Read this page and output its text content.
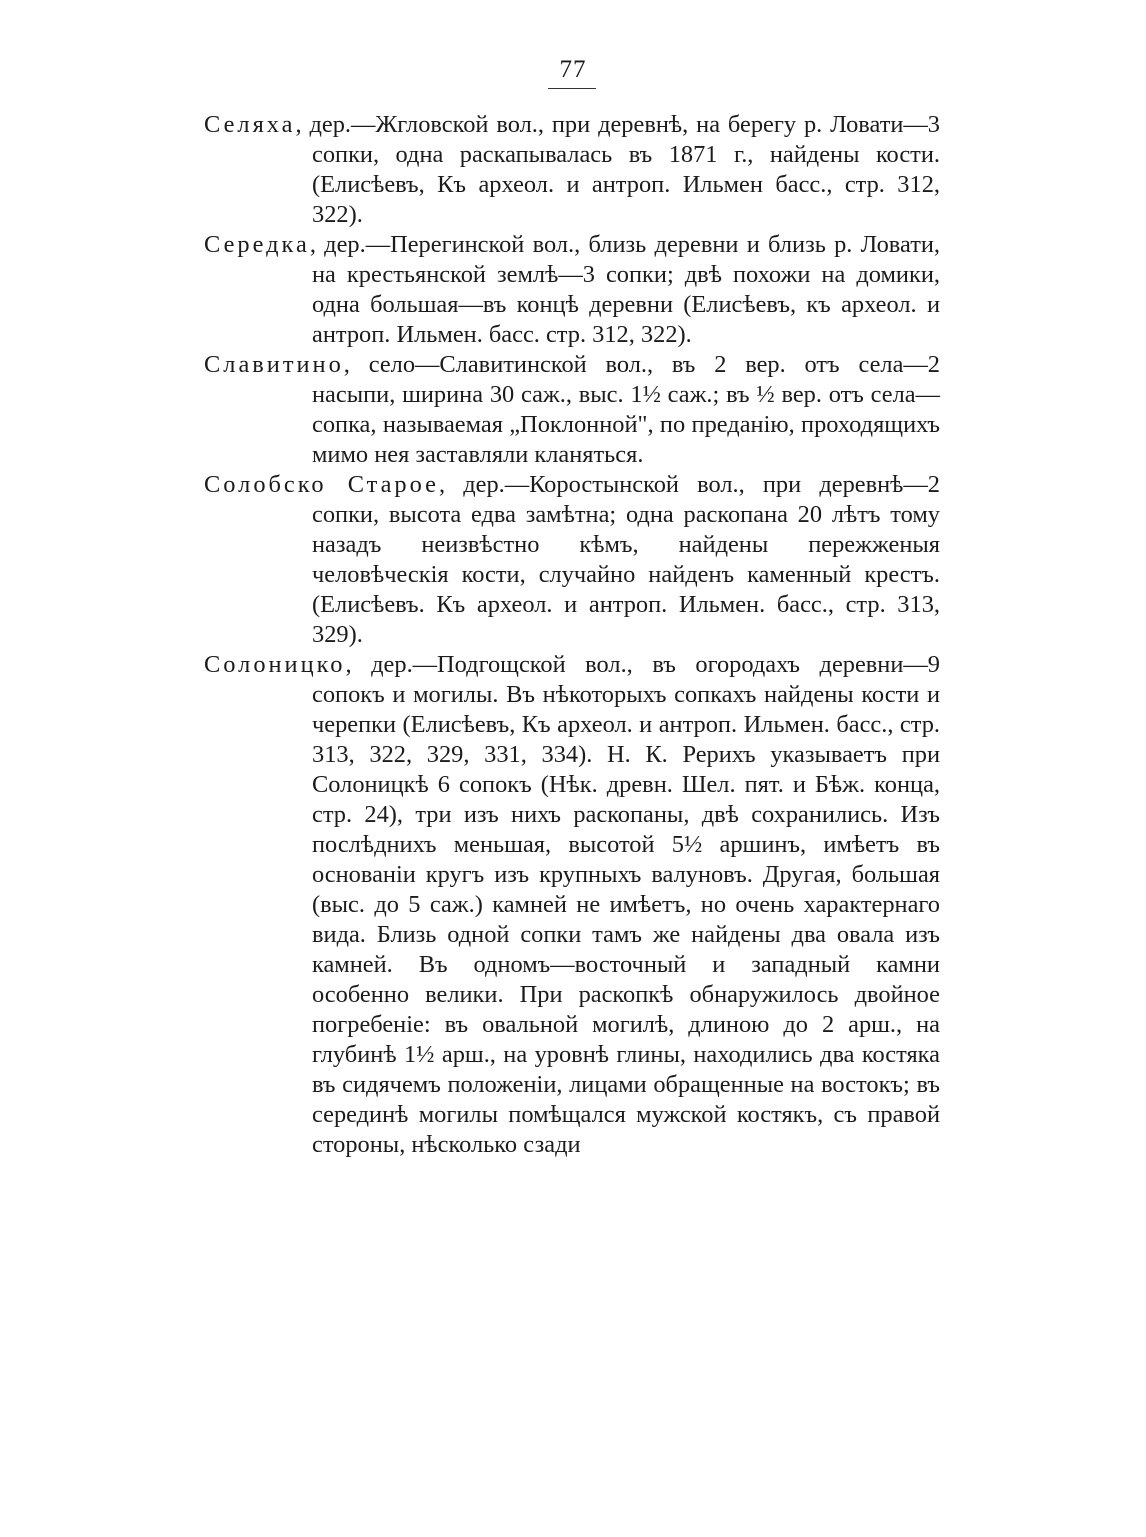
77

Селяха, дер.—Жгловской вол., при деревнѣ, на берегу р. Ловати—3 сопки, одна раскапывалась въ 1871 г., найдены кости. (Елисѣевъ, Къ археол. и антроп. Ильмен басс., стр. 312, 322).

Середка, дер.—Перегинской вол., близь деревни и близь р. Ловати, на крестьянской землѣ—3 сопки; двѣ похожи на домики, одна большая—въ концѣ деревни (Елисѣевъ, къ археол. и антроп. Ильмен. басс. стр. 312, 322).

Славитино, село—Славитинской вол., въ 2 вер. отъ села—2 насыпи, ширина 30 саж., выс. 1½ саж.; въ ½ вер. отъ села—сопка, называемая „Поклонной", по преданію, проходящихъ мимо нея заставляли кланяться.

Солобско Старое, дер.—Коростынской вол., при деревнѣ—2 сопки, высота едва замѣтна; одна раскопана 20 лѣтъ тому назадъ неизвѣстно кѣмъ, найдены пережженыя человѣческія кости, случайно найденъ каменный крестъ. (Елисѣевъ. Къ археол. и антроп. Ильмен. басс., стр. 313, 329).

Солоницко, дер.—Подгощской вол., въ огородахъ деревни—9 сопокъ и могилы. Въ нѣкоторыхъ сопкахъ найдены кости и черепки (Елисѣевъ, Къ археол. и антроп. Ильмен. басс., стр. 313, 322, 329, 331, 334). Н. К. Рерихъ указываетъ при Солоницкѣ 6 сопокъ (Нѣк. древн. Шел. пят. и Бѣж. конца, стр. 24), три изъ нихъ раскопаны, двѣ сохранились. Изъ послѣднихъ меньшая, высотой 5½ аршинъ, имѣетъ въ основаніи кругъ изъ крупныхъ валуновъ. Другая, большая (выс. до 5 саж.) камней не имѣетъ, но очень характернаго вида. Близь одной сопки тамъ же найдены два овала изъ камней. Въ одномъ—восточный и западный камни особенно велики. При раскопкѣ обнаружилось двойное погребеніе: въ овальной могилѣ, длиною до 2 арш., на глубинѣ 1½ арш., на уровнѣ глины, находились два костяка въ сидячемъ положеніи, лицами обращенные на востокъ; въ серединѣ могилы помѣщался мужской костякъ, съ правой стороны, нѣсколько сзади
